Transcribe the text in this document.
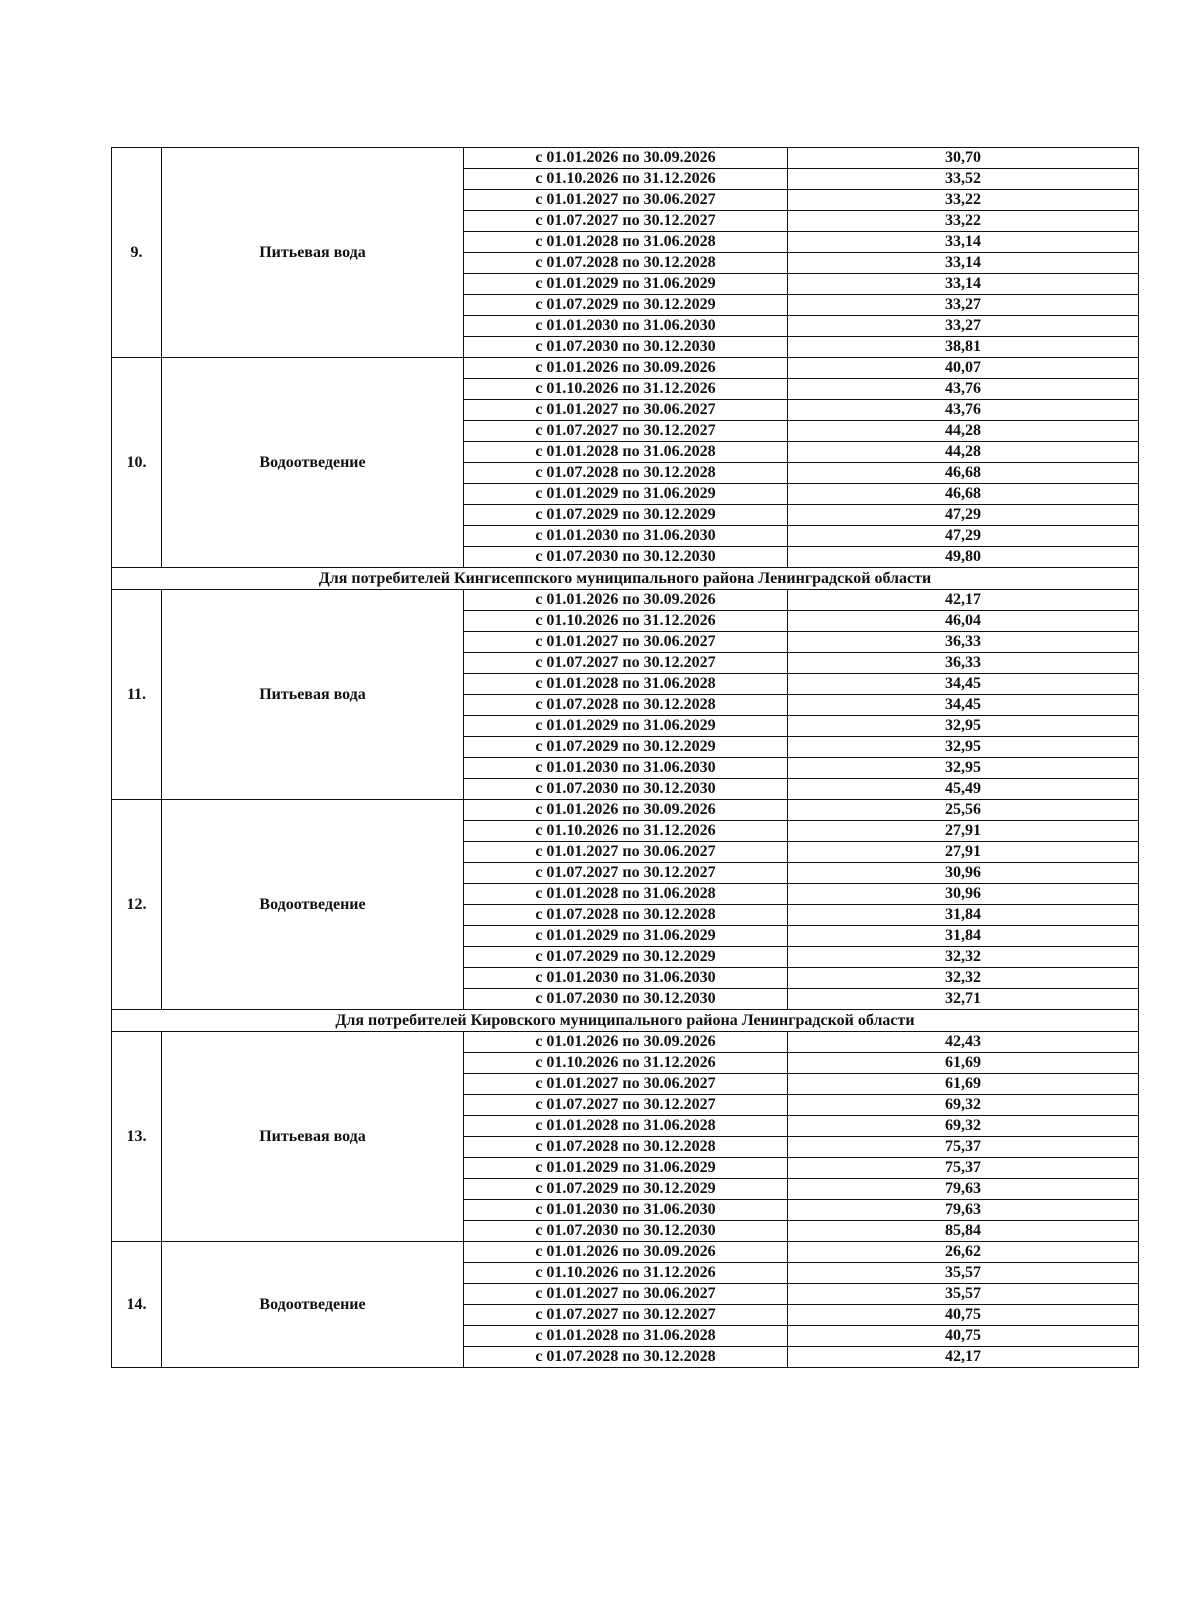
9.	Питьевая вода	с 01.01.2026 по 30.09.2026	30,70
		с 01.10.2026 по 31.12.2026	33,52
		с 01.01.2027 по 30.06.2027	33,22
		с 01.07.2027 по 30.12.2027	33,22
		с 01.01.2028 по 31.06.2028	33,14
		с 01.07.2028 по 30.12.2028	33,14
		с 01.01.2029 по 31.06.2029	33,14
		с 01.07.2029 по 30.12.2029	33,27
		с 01.01.2030 по 31.06.2030	33,27
		с 01.07.2030 по 30.12.2030	38,81
10.	Водоотведение	с 01.01.2026 по 30.09.2026	40,07
		с 01.10.2026 по 31.12.2026	43,76
		с 01.01.2027 по 30.06.2027	43,76
		с 01.07.2027 по 30.12.2027	44,28
		с 01.01.2028 по 31.06.2028	44,28
		с 01.07.2028 по 30.12.2028	46,68
		с 01.01.2029 по 31.06.2029	46,68
		с 01.07.2029 по 30.12.2029	47,29
		с 01.01.2030 по 31.06.2030	47,29
		с 01.07.2030 по 30.12.2030	49,80
Для потребителей Кингисеппского муниципального района Ленинградской области			
11.	Питьевая вода	с 01.01.2026 по 30.09.2026	42,17
		с 01.10.2026 по 31.12.2026	46,04
		с 01.01.2027 по 30.06.2027	36,33
		с 01.07.2027 по 30.12.2027	36,33
		с 01.01.2028 по 31.06.2028	34,45
		с 01.07.2028 по 30.12.2028	34,45
		с 01.01.2029 по 31.06.2029	32,95
		с 01.07.2029 по 30.12.2029	32,95
		с 01.01.2030 по 31.06.2030	32,95
		с 01.07.2030 по 30.12.2030	45,49
12.	Водоотведение	с 01.01.2026 по 30.09.2026	25,56
		с 01.10.2026 по 31.12.2026	27,91
		с 01.01.2027 по 30.06.2027	27,91
		с 01.07.2027 по 30.12.2027	30,96
		с 01.01.2028 по 31.06.2028	30,96
		с 01.07.2028 по 30.12.2028	31,84
		с 01.01.2029 по 31.06.2029	31,84
		с 01.07.2029 по 30.12.2029	32,32
		с 01.01.2030 по 31.06.2030	32,32
		с 01.07.2030 по 30.12.2030	32,71
Для потребителей Кировского муниципального района Ленинградской области			
13.	Питьевая вода	с 01.01.2026 по 30.09.2026	42,43
		с 01.10.2026 по 31.12.2026	61,69
		с 01.01.2027 по 30.06.2027	61,69
		с 01.07.2027 по 30.12.2027	69,32
		с 01.01.2028 по 31.06.2028	69,32
		с 01.07.2028 по 30.12.2028	75,37
		с 01.01.2029 по 31.06.2029	75,37
		с 01.07.2029 по 30.12.2029	79,63
		с 01.01.2030 по 31.06.2030	79,63
		с 01.07.2030 по 30.12.2030	85,84
14.	Водоотведение	с 01.01.2026 по 30.09.2026	26,62
		с 01.10.2026 по 31.12.2026	35,57
		с 01.01.2027 по 30.06.2027	35,57
		с 01.07.2027 по 30.12.2027	40,75
		с 01.01.2028 по 31.06.2028	40,75
		с 01.07.2028 по 30.12.2028	42,17
